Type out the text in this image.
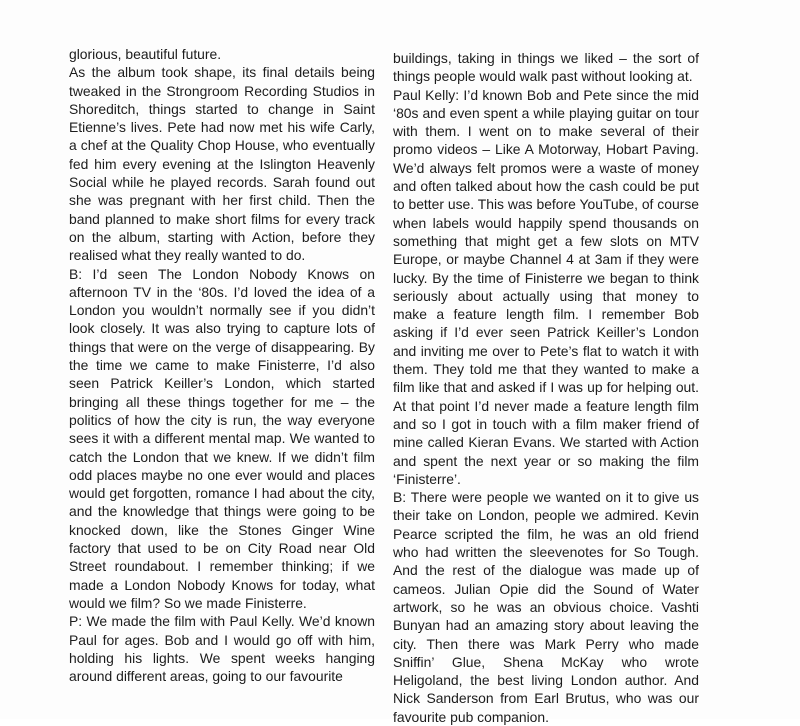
glorious, beautiful future.

As the album took shape, its final details being tweaked in the Strongroom Recording Studios in Shoreditch, things started to change in Saint Etienne’s lives. Pete had now met his wife Carly, a chef at the Quality Chop House, who eventually fed him every evening at the Islington Heavenly Social while he played records. Sarah found out she was pregnant with her first child. Then the band planned to make short films for every track on the album, starting with Action, before they realised what they really wanted to do.

B: I’d seen The London Nobody Knows on afternoon TV in the ‘80s. I’d loved the idea of a London you wouldn’t normally see if you didn’t look closely. It was also trying to capture lots of things that were on the verge of disappearing. By the time we came to make Finisterre, I’d also seen Patrick Keiller’s London, which started bringing all these things together for me – the politics of how the city is run, the way everyone sees it with a different mental map. We wanted to catch the London that we knew. If we didn’t film odd places maybe no one ever would and places would get forgotten, romance I had about the city, and the knowledge that things were going to be knocked down, like the Stones Ginger Wine factory that used to be on City Road near Old Street roundabout. I remember thinking; if we made a London Nobody Knows for today, what would we film? So we made Finisterre.

P: We made the film with Paul Kelly. We’d known Paul for ages. Bob and I would go off with him, holding his lights. We spent weeks hanging around different areas, going to our favourite

buildings, taking in things we liked – the sort of things people would walk past without looking at.

Paul Kelly: I’d known Bob and Pete since the mid ‘80s and even spent a while playing guitar on tour with them. I went on to make several of their promo videos – Like A Motorway, Hobart Paving. We’d always felt promos were a waste of money and often talked about how the cash could be put to better use. This was before YouTube, of course when labels would happily spend thousands on something that might get a few slots on MTV Europe, or maybe Channel 4 at 3am if they were lucky. By the time of Finisterre we began to think seriously about actually using that money to make a feature length film. I remember Bob asking if I’d ever seen Patrick Keiller’s London and inviting me over to Pete’s flat to watch it with them. They told me that they wanted to make a film like that and asked if I was up for helping out. At that point I’d never made a feature length film and so I got in touch with a film maker friend of mine called Kieran Evans. We started with Action and spent the next year or so making the film ‘Finisterre’.

B: There were people we wanted on it to give us their take on London, people we admired. Kevin Pearce scripted the film, he was an old friend who had written the sleevenotes for So Tough. And the rest of the dialogue was made up of cameos. Julian Opie did the Sound of Water artwork, so he was an obvious choice. Vashti Bunyan had an amazing story about leaving the city. Then there was Mark Perry who made Sniffin’ Glue, Shena McKay who wrote Heligoland, the best living London author. And Nick Sanderson from Earl Brutus, who was our favourite pub companion.
